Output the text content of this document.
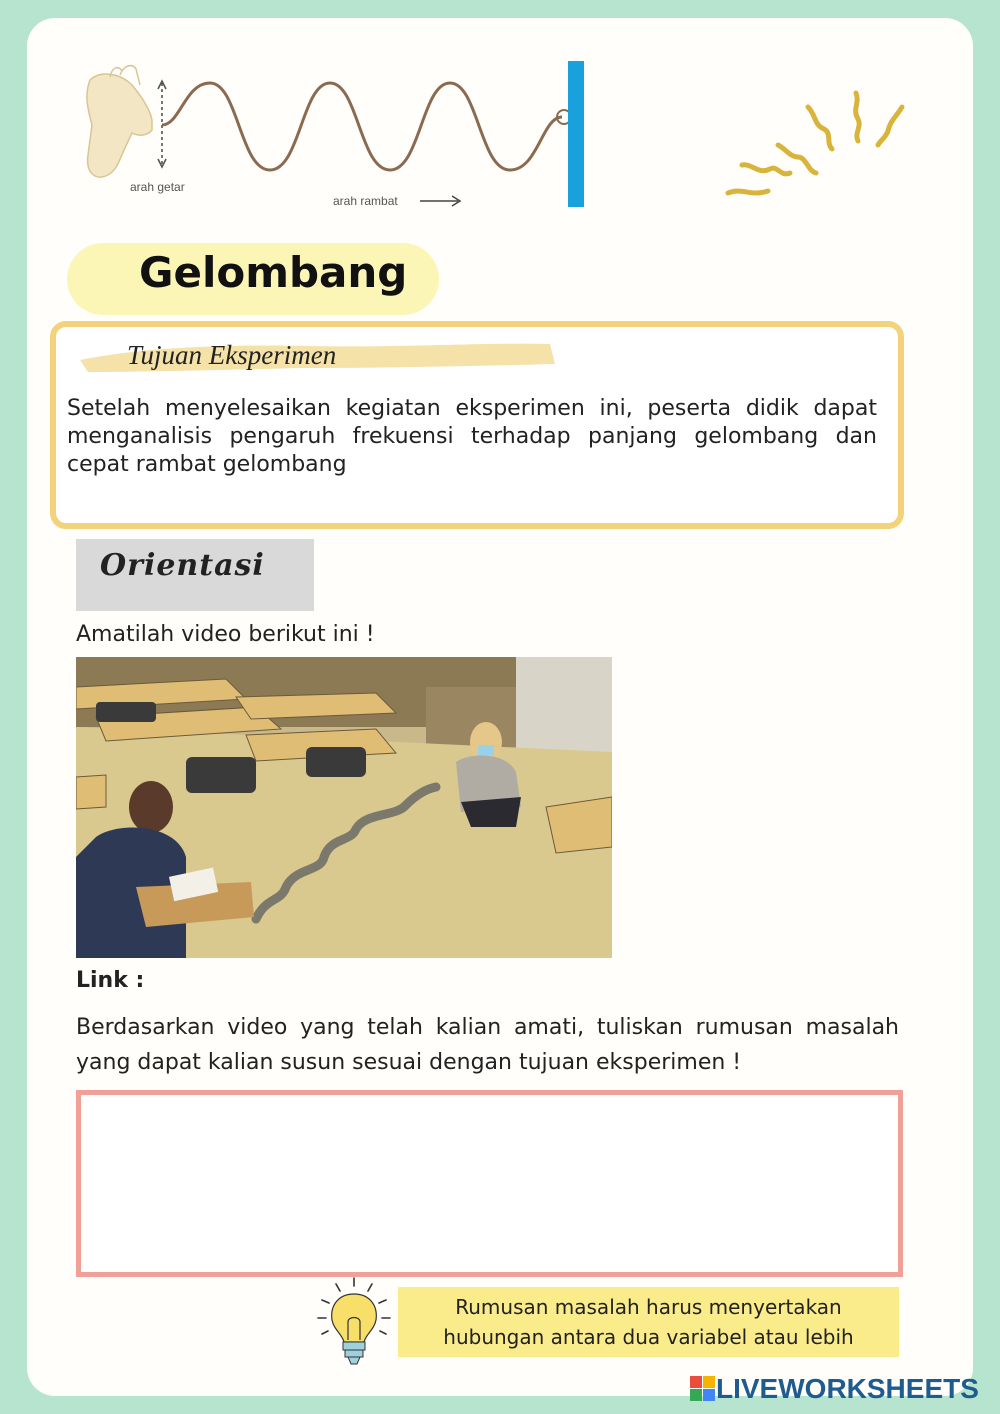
arah getar
arah rambat
Gelombang
Tujuan Eksperimen
Setelah menyelesaikan kegiatan eksperimen ini, peserta didik dapat menganalisis pengaruh frekuensi terhadap panjang gelombang dan cepat rambat gelombang
Orientasi
Amatilah video berikut ini !
Link :
Berdasarkan video yang telah kalian amati, tuliskan rumusan masalah yang dapat kalian susun sesuai dengan tujuan eksperimen !
Rumusan masalah harus menyertakan
hubungan antara dua variabel atau lebih
LIVEWORKSHEETS
